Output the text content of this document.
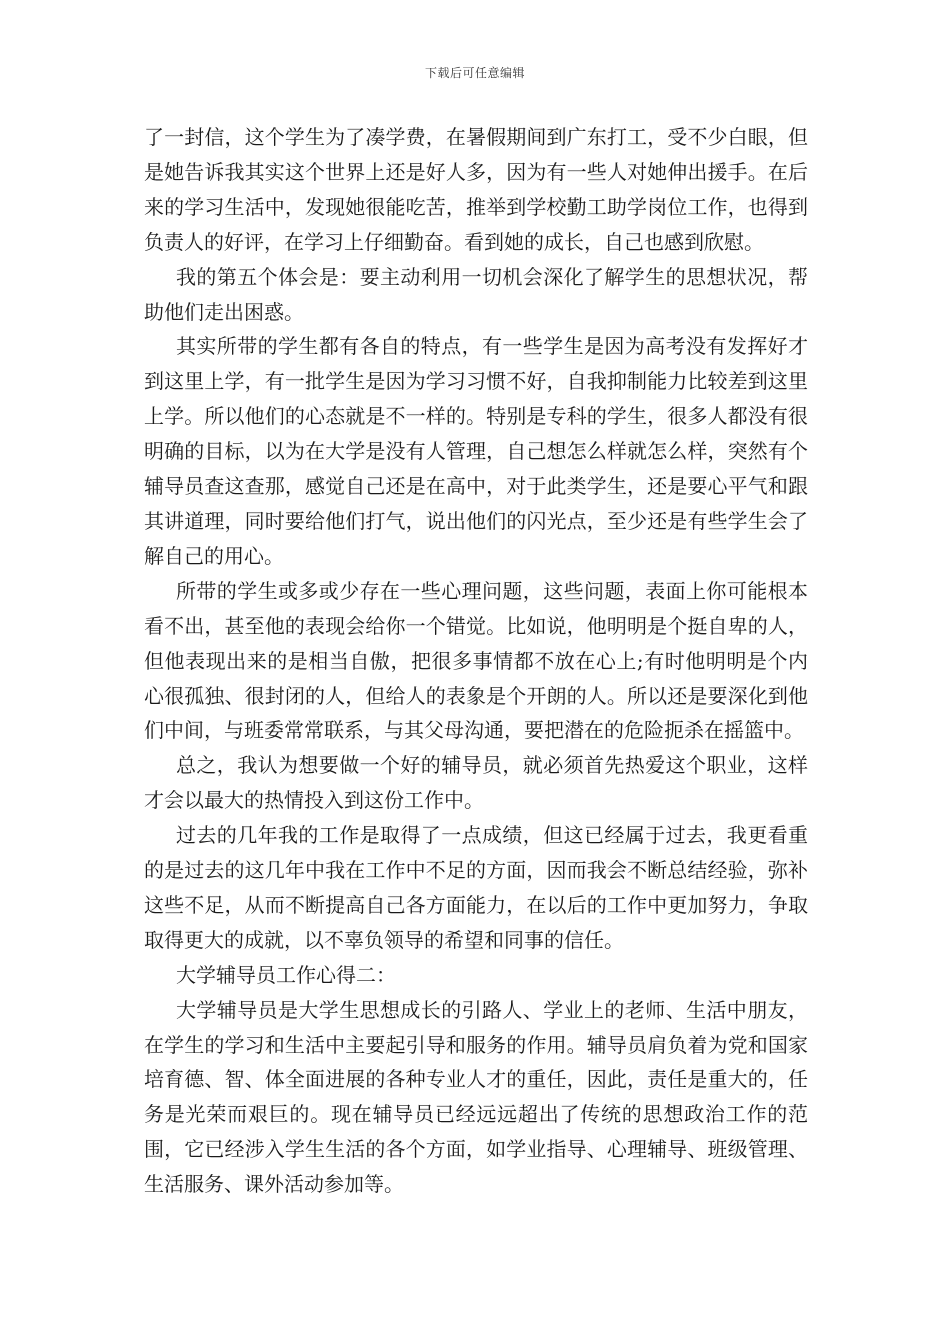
下载后可任意编辑

了一封信，这个学生为了凑学费，在暑假期间到广东打工，受不少白眼，但是她告诉我其实这个世界上还是好人多，因为有一些人对她伸出援手。在后来的学习生活中，发现她很能吃苦，推举到学校勤工助学岗位工作，也得到负责人的好评，在学习上仔细勤奋。看到她的成长，自己也感到欣慰。

我的第五个体会是：要主动利用一切机会深化了解学生的思想状况，帮助他们走出困惑。

其实所带的学生都有各自的特点，有一些学生是因为高考没有发挥好才到这里上学，有一批学生是因为学习习惯不好，自我抑制能力比较差到这里上学。所以他们的心态就是不一样的。特别是专科的学生，很多人都没有很明确的目标，以为在大学是没有人管理，自己想怎么样就怎么样，突然有个辅导员查这查那，感觉自己还是在高中，对于此类学生，还是要心平气和跟其讲道理，同时要给他们打气，说出他们的闪光点，至少还是有些学生会了解自己的用心。

所带的学生或多或少存在一些心理问题，这些问题，表面上你可能根本看不出，甚至他的表现会给你一个错觉。比如说，他明明是个挺自卑的人，但他表现出来的是相当自傲，把很多事情都不放在心上;有时他明明是个内心很孤独、很封闭的人，但给人的表象是个开朗的人。所以还是要深化到他们中间，与班委常常联系，与其父母沟通，要把潜在的危险扼杀在摇篮中。

总之，我认为想要做一个好的辅导员，就必须首先热爱这个职业，这样才会以最大的热情投入到这份工作中。

过去的几年我的工作是取得了一点成绩，但这已经属于过去，我更看重的是过去的这几年中我在工作中不足的方面，因而我会不断总结经验，弥补这些不足，从而不断提高自己各方面能力，在以后的工作中更加努力，争取取得更大的成就，以不辜负领导的希望和同事的信任。

大学辅导员工作心得二：

大学辅导员是大学生思想成长的引路人、学业上的老师、生活中朋友，在学生的学习和生活中主要起引导和服务的作用。辅导员肩负着为党和国家培育德、智、体全面进展的各种专业人才的重任，因此，责任是重大的，任务是光荣而艰巨的。现在辅导员已经远远超出了传统的思想政治工作的范围，它已经涉入学生生活的各个方面，如学业指导、心理辅导、班级管理、生活服务、课外活动参加等。
